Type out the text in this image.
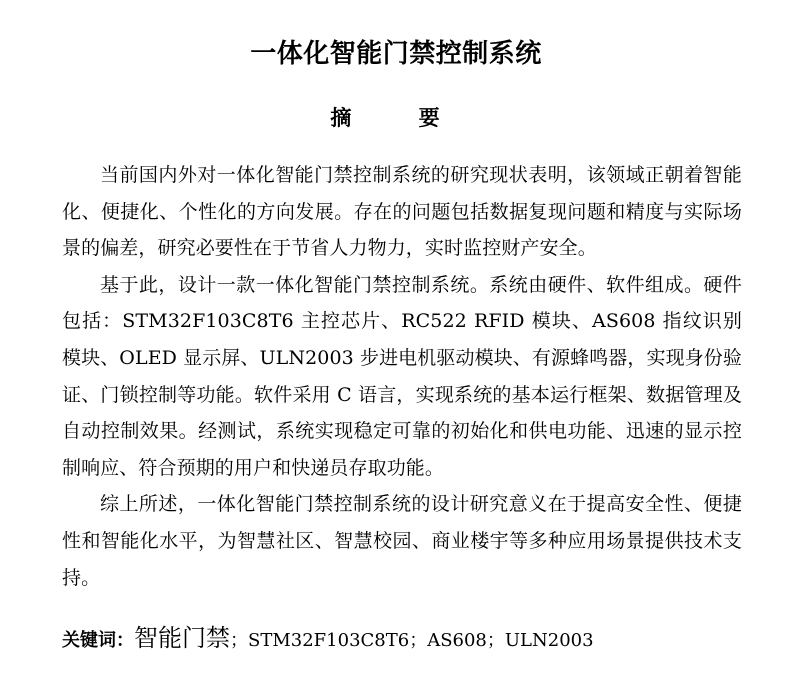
一体化智能门禁控制系统
摘 要

当前国内外对一体化智能门禁控制系统的研究现状表明，该领域正朝着智能化、便捷化、个性化的方向发展。存在的问题包括数据复现问题和精度与实际场景的偏差，研究必要性在于节省人力物力，实时监控财产安全。

基于此，设计一款一体化智能门禁控制系统。系统由硬件、软件组成。硬件包括：STM32F103C8T6 主控芯片、RC522 RFID 模块、AS608 指纹识别模块、OLED 显示屏、ULN2003 步进电机驱动模块、有源蜂鸣器，实现身份验证、门锁控制等功能。软件采用 C 语言，实现系统的基本运行框架、数据管理及自动控制效果。经测试，系统实现稳定可靠的初始化和供电功能、迅速的显示控制响应、符合预期的用户和快递员存取功能。

综上所述，一体化智能门禁控制系统的设计研究意义在于提高安全性、便捷性和智能化水平，为智慧社区、智慧校园、商业楼宇等多种应用场景提供技术支持。

关键词：智能门禁；STM32F103C8T6；AS608；ULN2003
